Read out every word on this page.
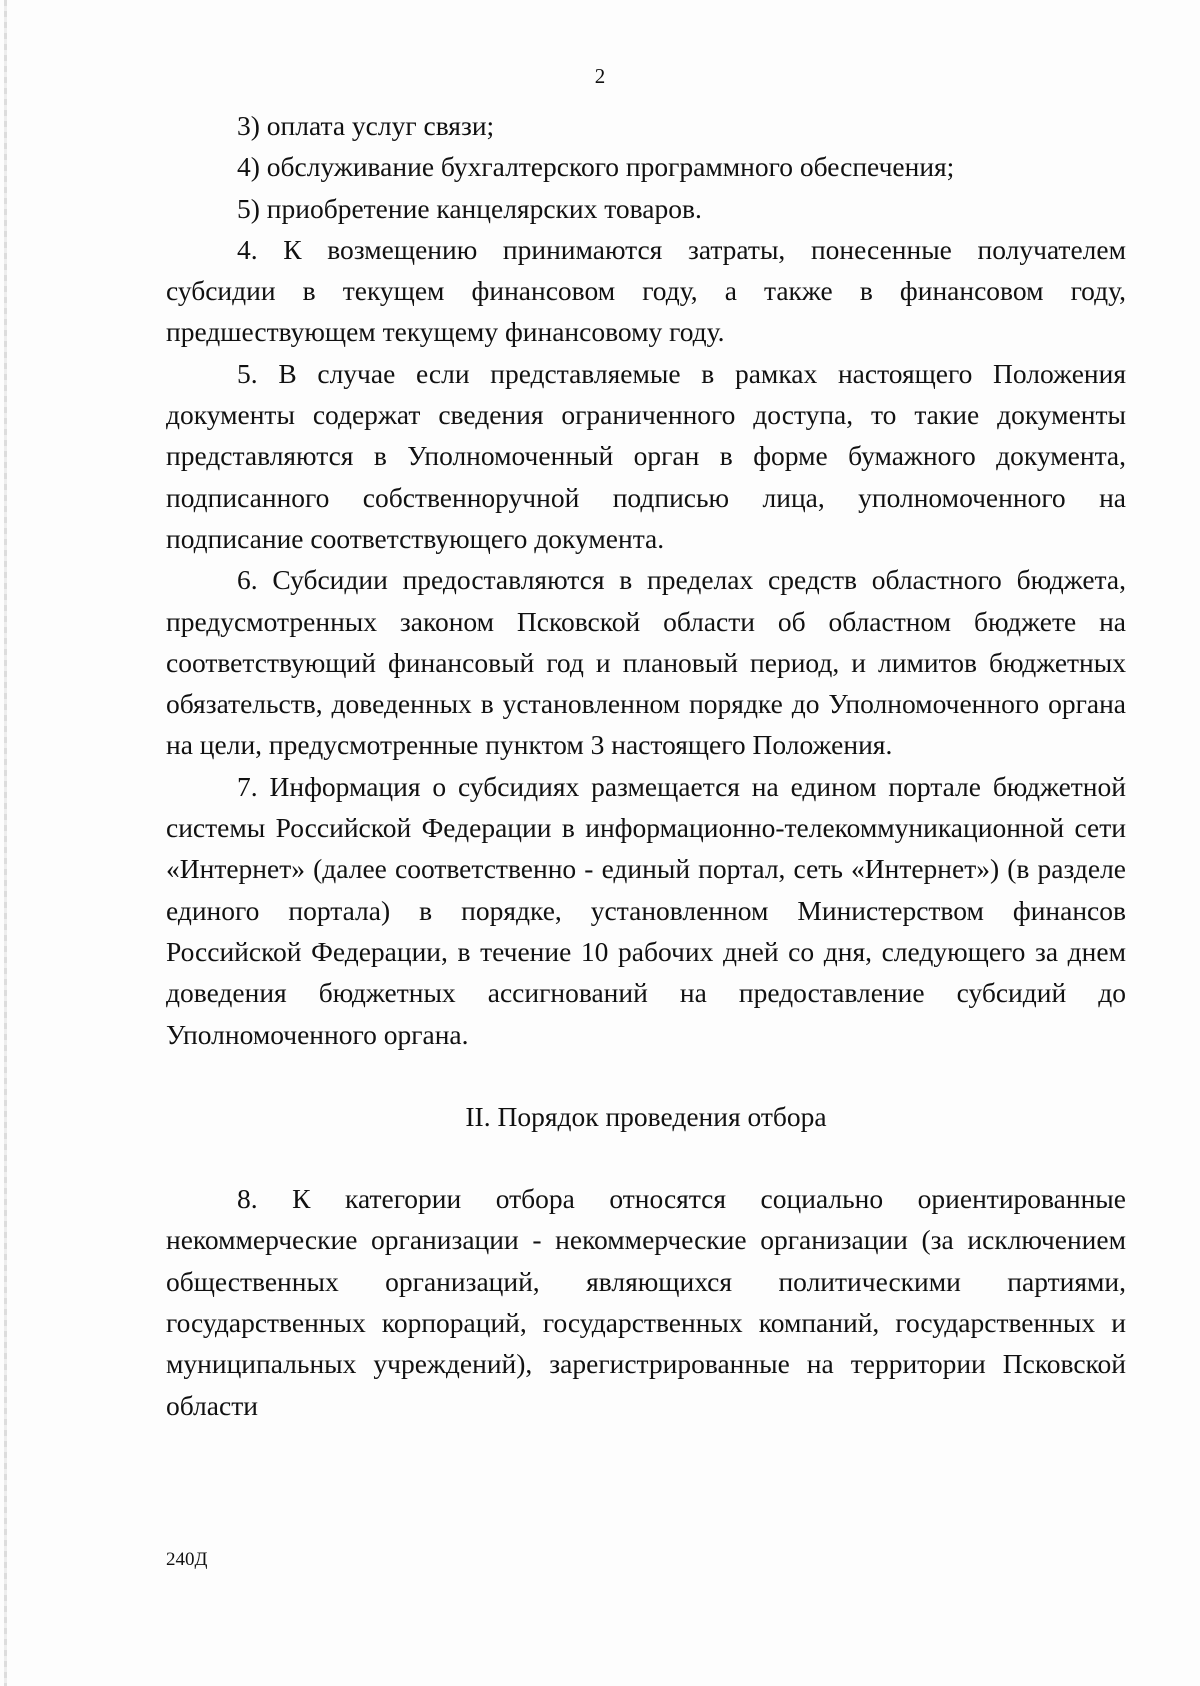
2

3) оплата услуг связи;

4) обслуживание бухгалтерского программного обеспечения;

5) приобретение канцелярских товаров.

4. К возмещению принимаются затраты, понесенные получателем субсидии в текущем финансовом году, а также в финансовом году, предшествующем текущему финансовому году.

5. В случае если представляемые в рамках настоящего Положения документы содержат сведения ограниченного доступа, то такие документы представляются в Уполномоченный орган в форме бумажного документа, подписанного собственноручной подписью лица, уполномоченного на подписание соответствующего документа.

6. Субсидии предоставляются в пределах средств областного бюджета, предусмотренных законом Псковской области об областном бюджете на соответствующий финансовый год и плановый период, и лимитов бюджетных обязательств, доведенных в установленном порядке до Уполномоченного органа на цели, предусмотренные пунктом 3 настоящего Положения.

7. Информация о субсидиях размещается на едином портале бюджетной системы Российской Федерации в информационно-телекоммуникационной сети «Интернет» (далее соответственно - единый портал, сеть «Интернет») (в разделе единого портала) в порядке, установленном Министерством финансов Российской Федерации, в течение 10 рабочих дней со дня, следующего за днем доведения бюджетных ассигнований на предоставление субсидий до Уполномоченного органа.

II. Порядок проведения отбора

8. К категории отбора относятся социально ориентированные некоммерческие организации - некоммерческие организации (за исключением общественных организаций, являющихся политическими партиями, государственных корпораций, государственных компаний, государственных и муниципальных учреждений), зарегистрированные на территории Псковской области

240Д
